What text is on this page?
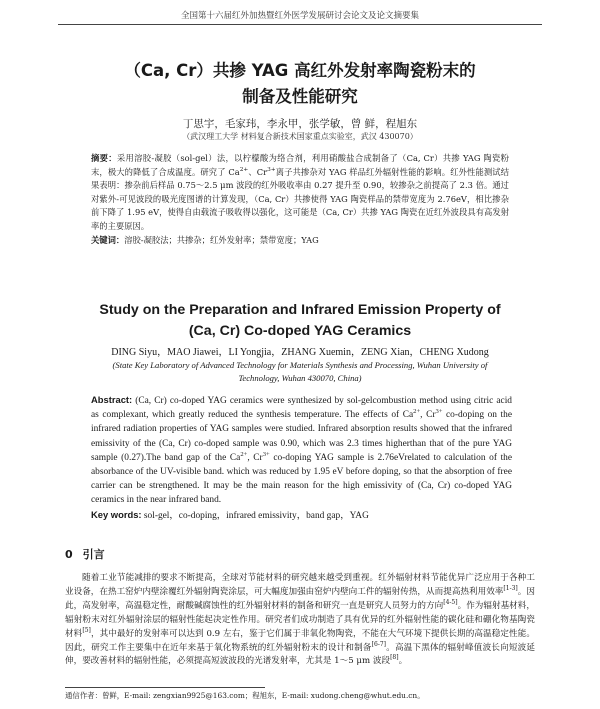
全国第十六届红外加热暨红外医学发展研讨会论文及论文摘要集
（Ca, Cr）共掺 YAG 高红外发射率陶瓷粉末的
制备及性能研究
丁思宇，毛家玮，李永甲，张学敏，曾 鲜，程旭东
（武汉理工大学 材料复合新技术国家重点实验室，武汉 430070）
摘要：采用溶胶-凝胶（sol-gel）法，以柠檬酸为络合剂，利用硝酸盐合成制备了（Ca, Cr）共掺 YAG 陶瓷粉末，极大的降低了合成温度。研究了 $Ca^{2+}$、$Cr^{3+}$离子共掺杂对 YAG 样品红外辐射性能的影响。红外性能测试结果表明：掺杂前后样品 0.75～2.5 μm 波段的红外吸收率由 0.27 提升至 0.90，较掺杂之前提高了 2.3 倍。通过对紫外-可见波段的吸光度图谱的计算发现，（Ca, Cr）共掺使得 YAG 陶瓷样品的禁带宽度为 2.76eV，相比掺杂前下降了 1.95 eV，使得自由载流子吸收得以强化，这可能是（Ca, Cr）共掺 YAG 陶瓷在近红外波段具有高发射率的主要原因。
关键词：溶胶-凝胶法；共掺杂；红外发射率；禁带宽度；YAG
Study on the Preparation and Infrared Emission Property of
(Ca, Cr) Co-doped YAG Ceramics
DING Siyu，MAO Jiawei，LI Yongjia，ZHANG Xuemin，ZENG Xian，CHENG Xudong
(State Key Laboratory of Advanced Technology for Materials Synthesis and Processing, Wuhan University of Technology, Wuhan 430070, China)
Abstract: (Ca, Cr) co-doped YAG ceramics were synthesized by sol-gelcombustion method using citric acid as complexant, which greatly reduced the synthesis temperature. The effects of $Ca^{2+}$, $Cr^{3+}$ co-doping on the infrared radiation properties of YAG samples were studied. Infrared absorption results showed that the infrared emissivity of the (Ca, Cr) co-doped sample was 0.90, which was 2.3 times higherthan that of the pure YAG sample (0.27).The band gap of the $Ca^{2+}$, $Cr^{3+}$ co-doping YAG sample is 2.76eVrelated to calculation of the absorbance of the UV-visible band. which was reduced by 1.95 eV before doping, so that the absorption of free carrier can be strengthened. It may be the main reason for the high emissivity of (Ca, Cr) co-doped YAG ceramics in the near infrared band.
Key words: sol-gel，co-doping，infrared emissivity，band gap，YAG
0 引言
随着工业节能减排的要求不断提高，全球对节能材料的研究越来越受到重视。红外辐射材料节能优异广泛应用于各种工业设备，在热工窑炉内壁涂覆红外辐射陶瓷涂层，可大幅度加强由窑炉内壁向工件的辐射传热，从而提高热利用效率[1-3]。因此，高发射率，高温稳定性，耐酸碱腐蚀性的红外辐射材料的制备和研究一直是研究人员努力的方向[4-5]。作为辐射基材料，辐射粉末对红外辐射涂层的辐射性能起决定性作用。研究者们成功制造了具有优异的红外辐射性能的碳化硅和硼化物基陶瓷材料[5]，其中最好的发射率可以达到 0.9 左右，鉴于它们属于非氧化物陶瓷，不能在大气环境下提供长期的高温稳定性能。因此，研究工作主要集中在近年来基于氧化物系统的红外辐射粉末的设计和制备[6-7]。高温下黑体的辐射峰值波长向短波延伸，要改善材料的辐射性能，必须提高短波波段的光谱发射率，尤其是 1～5 μm 波段[8]。
通信作者：曾鲜，E-mail: zengxian9925@163.com；程旭东，E-mail: xudong.cheng@whut.edu.cn。
